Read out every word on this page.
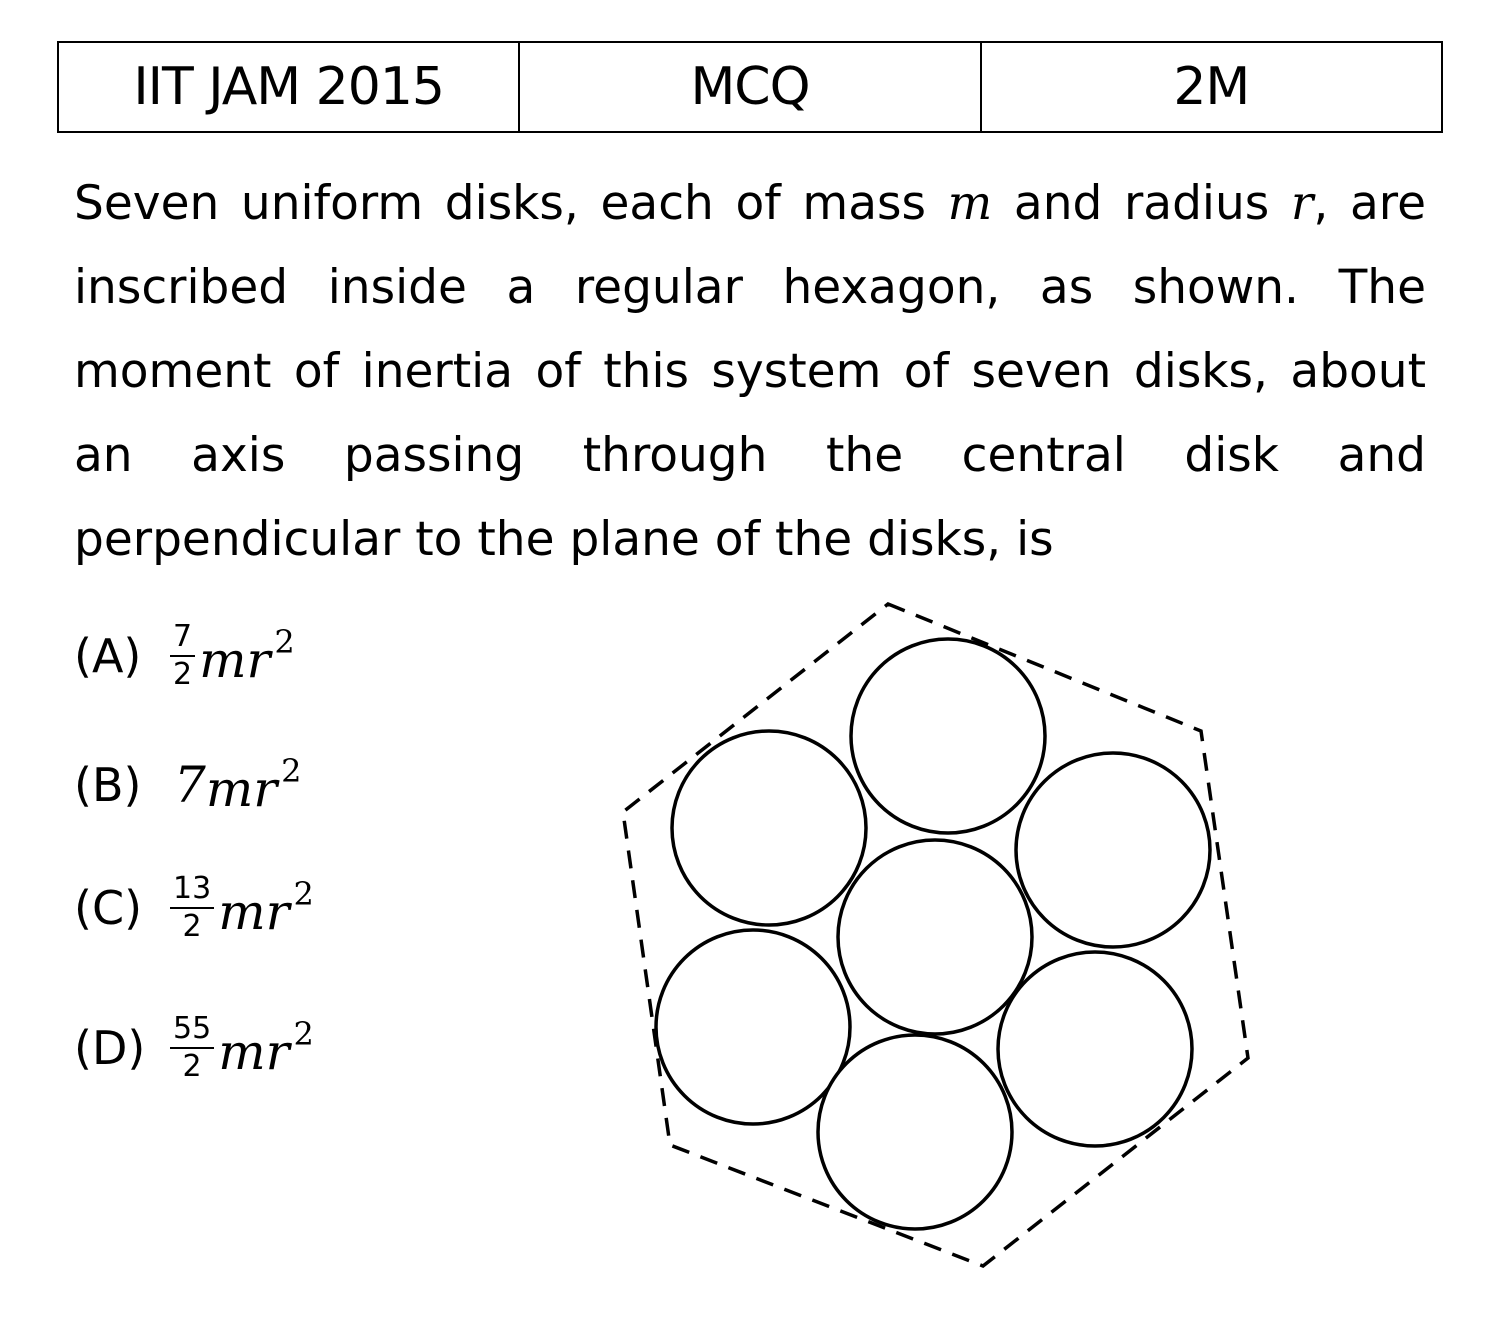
IIT JAM 2015	MCQ	2M

Seven uniform disks, each of mass m and radius r, are inscribed inside a regular hexagon, as shown. The moment of inertia of this system of seven disks, about an axis passing through the central disk and perpendicular to the plane of the disks, is

$(A) \frac{7}{2}$ mr $^2$
(B) 7 mr $^2$
$(C) \frac{13}{2}$ mr $^2$
$(D) \frac{55}{2}$ mr $^2$
